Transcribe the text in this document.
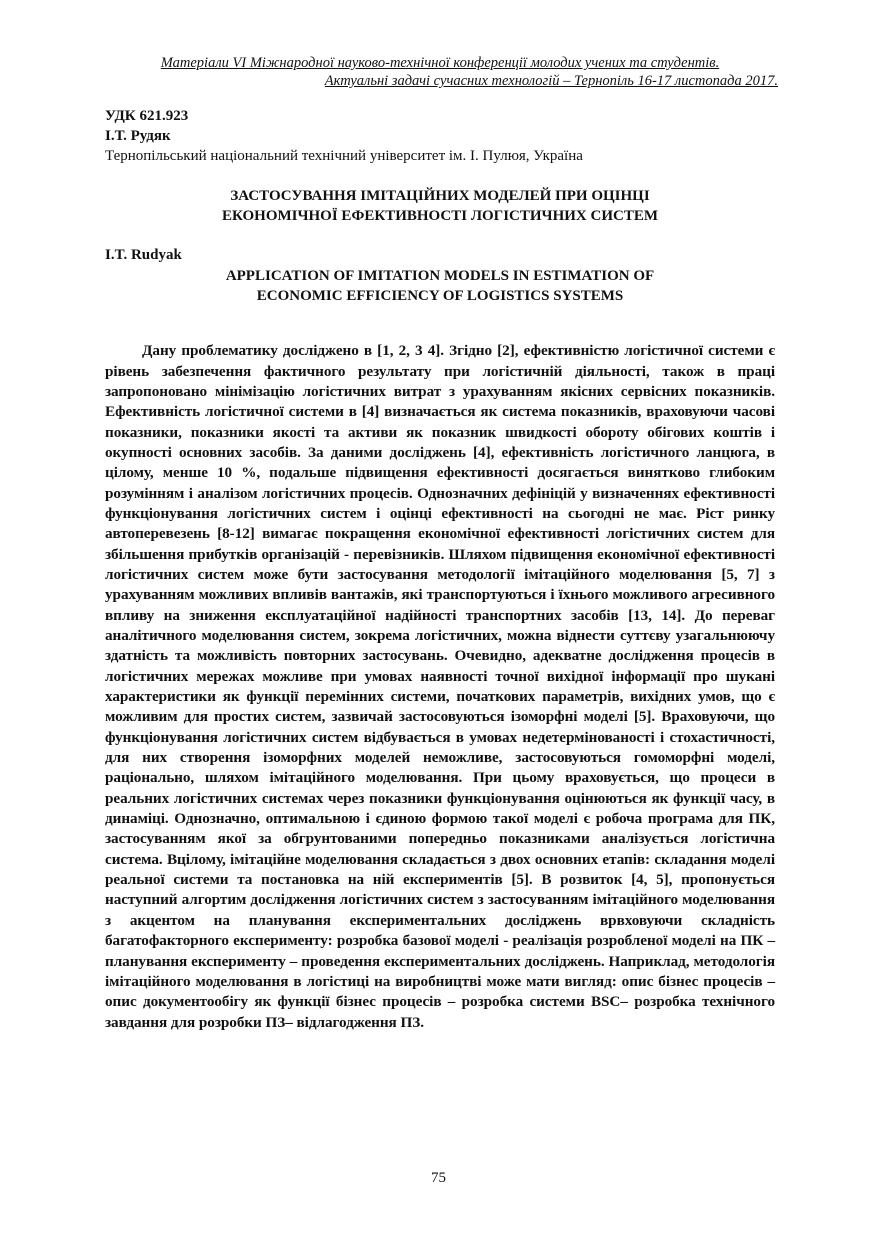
Матеріали VI Міжнародної науково-технічної конференції молодих учених та студентів.
Актуальні задачі сучасних технологій – Тернопіль 16-17 листопада 2017.
УДК 621.923
І.Т. Рудяк
Тернопільський національний технічний університет ім. І. Пулюя, Україна
ЗАСТОСУВАННЯ ІМІТАЦІЙНИХ МОДЕЛЕЙ ПРИ ОЦІНЦІ
ЕКОНОМІЧНОЇ ЕФЕКТИВНОСТІ ЛОГІСТИЧНИХ СИСТЕМ
I.T. Rudyak
APPLICATION OF IMITATION MODELS IN ESTIMATION OF
ECONOMIC EFFICIENCY OF LOGISTICS SYSTEMS

Дану проблематику досліджено в [1, 2, 3 4]. Згідно [2], ефективністю логістичної системи є рівень забезпечення фактичного результату при логістичній діяльності, також в праці запропоновано мінімізацію логістичних витрат з урахуванням якісних сервісних показників. Ефективність логістичної системи в [4] визначається як система показників, враховуючи часові показники, показники якості та активи як показник швидкості обороту обігових коштів і окупності основних засобів. За даними досліджень [4], ефективність логістичного ланцюга, в цілому, менше 10 %, подальше підвищення ефективності досягається винятково глибоким розумінням і аналізом логістичних процесів. Однозначних дефініцій у визначеннях ефективності функціонування логістичних систем і оцінці ефективності на сьогодні не має. Ріст ринку автоперевезень [8-12] вимагає покращення економічної ефективності логістичних систем для збільшення прибутків організацій - перевізників. Шляхом підвищення економічної ефективності логістичних систем може бути застосування методології імітаційного моделювання [5, 7] з урахуванням можливих впливів вантажів, які транспортуються і їхнього можливого агресивного впливу на зниження експлуатаційної надійності транспортних засобів [13, 14]. До переваг аналітичного моделювання систем, зокрема логістичних, можна віднести суттєву узагальнюючу здатність та можливість повторних застосувань. Очевидно, адекватне дослідження процесів в логістичних мережах можливе при умовах наявності точної вихідної інформації про шукані характеристики як функції перемінних системи, початкових параметрів, вихідних умов, що є можливим для простих систем, зазвичай застосовуються ізоморфні моделі [5]. Враховуючи, що функціонування логістичних систем відбувається в умовах недетермінованості і стохастичності, для них створення ізоморфних моделей неможливе, застосовуються гомоморфні моделі, раціонально, шляхом імітаційного моделювання. При цьому враховується, що процеси в реальних логістичних системах через показники функціонування оцінюються як функції часу, в динаміці. Однозначно, оптимальною і єдиною формою такої моделі є робоча програма для ПК, застосуванням якої за обгрунтованими попередньо показниками аналізується логістична система. Вцілому, імітаційне моделювання складається з двох основних етапів: складання моделі реальної системи та постановка на ній експериментів [5]. В розвиток [4, 5], пропонується наступний алгортим дослідження логістичних систем з застосуванням імітаційного моделювання з акцентом на планування експериментальних досліджень врвховуючи складність багатофакторного експерименту: розробка базової моделі - реалізація розробленої моделі на ПК – планування експерименту – проведення експериментальних досліджень. Наприклад, методологія імітаційного моделювання в логістиці на виробництві може мати вигляд: опис бізнес процесів – опис документообігу як функції бізнес процесів – розробка системи BSC– розробка технічного завдання для розробки ПЗ– відлагодження ПЗ.

75
